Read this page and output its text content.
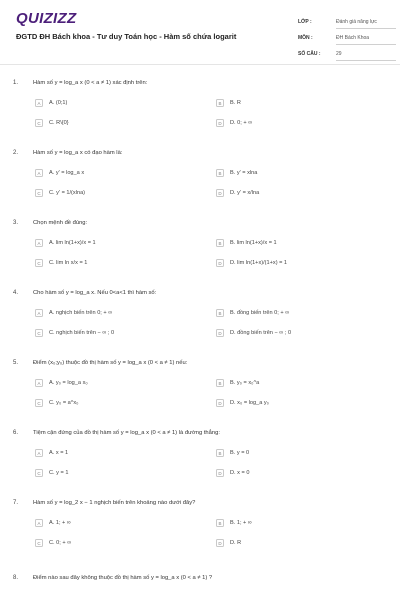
QUIZIZZ
ĐGTD ĐH Bách khoa - Tư duy Toán học - Hàm số chứa logarit
LỚP :	Đánh giá năng lực
MÔN :	ĐH Bách Khoa
SỐ CÂU :	29
1.	Hàm số y = log_a x (0 < a ≠ 1) xác định trên:
A	A. (0;1)	B	B. R
C	C. R\{0}	D	D. 0; + ∞
2.	Hàm số y = log_a x có đạo hàm là:
A	A. y' = log_a x	B	B. y' = xlna
C	C. y' = 1/(xlna)	D	D. y' = x/lna
3.	Chọn mệnh đề đúng:
A	A. lim ln(1+x)/x = 1	B	B. lim ln(1+x)/x = 1
C	C. lim ln x/x = 1	D	D. lim ln(1+x)/(1+x) = 1
4.	Cho hàm số y = log_a x. Nếu 0<a<1 thì hàm số:
A	A. nghịch biến trên 0; + ∞	B	B. đồng biến trên 0; + ∞
C	C. nghịch biến trên − ∞ ; 0	D	D. đồng biến trên − ∞ ; 0
5.	Điểm (x₀;y₀) thuộc đồ thị hàm số y = log_a x (0 < a ≠ 1) nếu:
A	A. y₀ = log_a x₀	B	B. y₀ = x₀^a
C	C. y₀ = a^x₀	D	D. x₀ = log_a y₀
6.	Tiệm cận đứng của đồ thị hàm số y = log_a x (0 < a ≠ 1) là đường thẳng:
A	A. x = 1	B	B. y = 0
C	C. y = 1	D	D. x = 0
7.	Hàm số y = log_2 x − 1 nghịch biến trên khoảng nào dưới đây?
A	A. 1; + ∞	B	B. 1; + ∞
C	C. 0; + ∞	D	D. R
8.	Điểm nào sau đây không thuộc đồ thị hàm số y = log_a x (0 < a ≠ 1) ?
